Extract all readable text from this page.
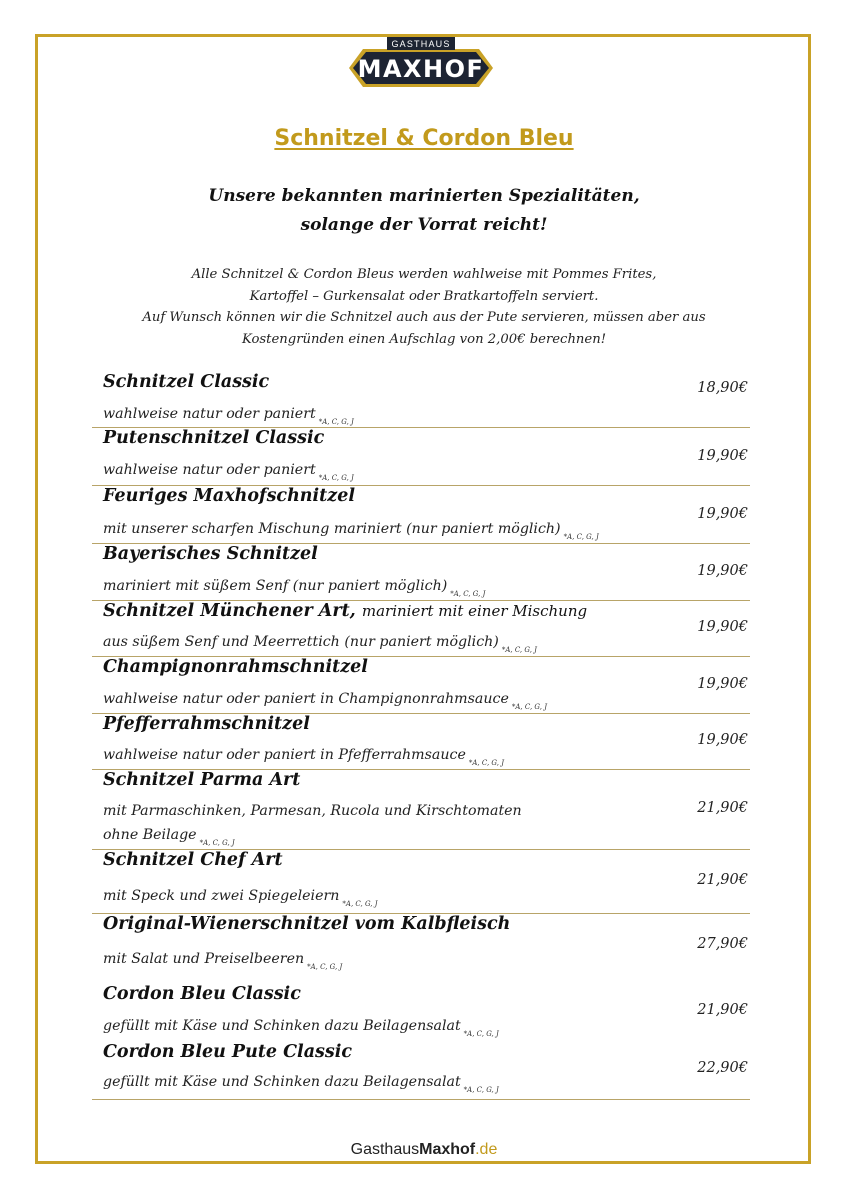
GASTHAUS
MAXHOF
Schnitzel & Cordon Bleu
Unsere bekannten marinierten Spezialitäten,
solange der Vorrat reicht!
Alle Schnitzel & Cordon Bleus werden wahlweise mit Pommes Frites,
Kartoffel – Gurkensalat oder Bratkartoffeln serviert.
Auf Wunsch können wir die Schnitzel auch aus der Pute servieren, müssen aber aus
Kostengründen einen Aufschlag von 2,00€ berechnen!
Schnitzel Classic
wahlweise natur oder paniert $_{*A, C, G, J}$
18,90€
Putenschnitzel Classic
wahlweise natur oder paniert $_{*A, C, G, J}$
19,90€
Feuriges Maxhofschnitzel
mit unserer scharfen Mischung mariniert (nur paniert möglich) $_{*A, C, G, J}$
19,90€
Bayerisches Schnitzel
mariniert mit süßem Senf (nur paniert möglich) $_{*A, C, G, J}$
19,90€
Schnitzel Münchener Art, mariniert mit einer Mischung
aus süßem Senf und Meerrettich (nur paniert möglich) $_{*A, C, G, J}$
19,90€
Champignonrahmschnitzel
wahlweise natur oder paniert in Champignonrahmsauce $_{*A, C, G, J}$
19,90€
Pfefferrahmschnitzel
wahlweise natur oder paniert in Pfefferrahmsauce $_{*A, C, G, J}$
19,90€
Schnitzel Parma Art
mit Parmaschinken, Parmesan, Rucola und Kirschtomaten
ohne Beilage $_{*A, C, G, J}$
21,90€
Schnitzel Chef Art
mit Speck und zwei Spiegeleiern $_{*A, C, G, J}$
21,90€
Original-Wienerschnitzel vom Kalbfleisch
mit Salat und Preiselbeeren $_{*A, C, G, J}$
27,90€
Cordon Bleu Classic
gefüllt mit Käse und Schinken dazu Beilagensalat $_{*A, C, G, J}$
21,90€
Cordon Bleu Pute Classic
gefüllt mit Käse und Schinken dazu Beilagensalat $_{*A, C, G, J}$
22,90€
GasthausMaxhof.de
